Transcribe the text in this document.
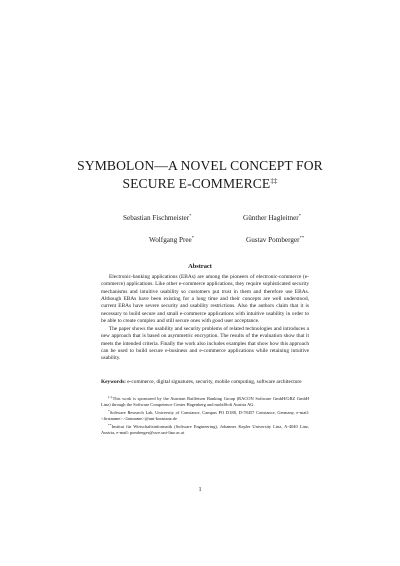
SYMBOLON—A NOVEL CONCEPT FOR
SECURE E-COMMERCE‡‡
Sebastian Fischmeister*	Günther Hagleitner*
Wolfgang Pree*	Gustav Pomberger**
Abstract

Electronic-banking applications (EBAs) are among the pioneers of electronic-commerce (e-commerce) applications. Like other e-commerce applications, they require sophisticated security mechanisms and intuitive usability so customers put trust in them and therefore use EBAs. Although EBAs have been existing for a long time and their concepts are well understood, current EBAs have severe security and usability restrictions. Also the authors claim that it is necessary to build secure and small e-commerce applications with intuitive usability in order to be able to create complex and still secure ones with good user acceptance.

The paper shows the usability and security problems of related technologies and introduces a new approach that is based on asymmetric encryption. The results of the evaluation show that it meets the intended criteria. Finally the work also includes examples that show how this approach can be used to build secure e-business and e-commerce applications while retaining intuitive usability.

Keywords: e-commerce, digital signatures, security, mobile computing, software architecture
‡‡This work is sponsored by the Austrian Raiffeisen Banking Group (RACON Software GmbH/GRZ GmbH Linz) through the Software Competence Center Hagenberg and mobilSoft Austria AG.
*Software Research Lab, University of Constance, Campus PO D188, D-78457 Constance, Germany, e-mail: <firstname>.<lastname>@uni-konstanz.de
**Institut für Wirtschaftsinformatik (Software Engineering), Johannes Kepler University Linz, A-4040 Linz, Austria, e-mail: pomberger@swe.uni-linz.ac.at
1
